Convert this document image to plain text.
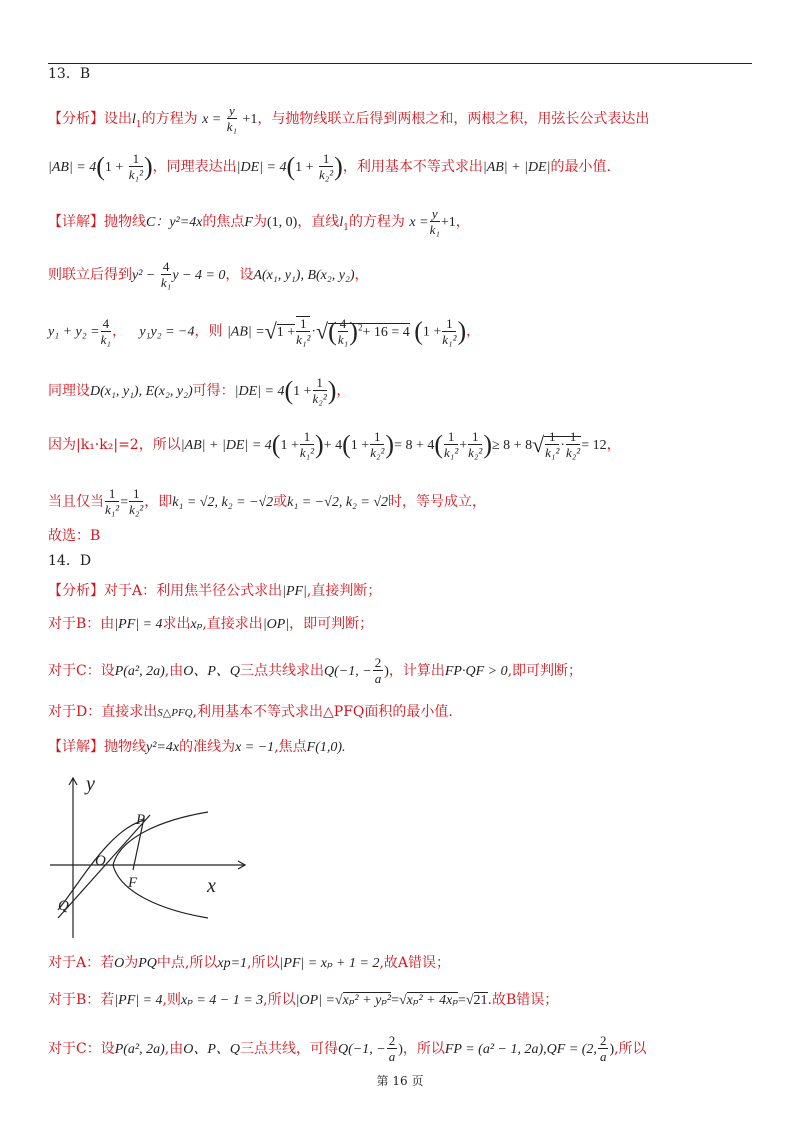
13．B
【分析】设出$l_1$的方程为 $x = \frac{y}{\text{k₁}} +1$，与抛物线联立后得到两根之和，两根之积，用弦长公式表达出
$|AB| = 4(1 + \frac{1}{\text{k₁²}}$ )，同理表达出$|DE| = 4(1 + \frac{1}{\text{k₂²}}$ )，利用基本不等式求出|AB| + |DE|的最小值.
【详解】抛物线C：y²=4x的焦点F为(1, 0)，直线$l_1$的方程为 $x = \frac{y}{\text{k₁}} +1$，
则联立后得到$y^2 - \frac{4}{\text{k₁}}$ y − 4 = 0，设A(x₁, y₁), B(x₂, y₂)，
$y_1 + y_2 = \frac{4}{\text{k₁}}$ ， y₁y₂ = −4，则 $|AB| =√1 + \frac{1}{\text{k₁²}}$ ·√( $\frac{4}{\text{k₁}} )^2+ 16 = 4$ ($1 + \frac{1}{\text{k₁²}}$ )，
同理设D(x₁, y₁), E(x₂, y₂)可得：$|DE| = 4(1 + \frac{1}{\text{k₂²}}$ )，
因为|k₁·k₂|=2，所以$|AB| + |DE| = 4(1 + \frac{1}{\text{k₁²}}$ )+ $4(1 + \frac{1}{\text{k₂²}}$ )= $8 + 4( \frac{1}{\text{k₁²}} + \frac{1}{\text{k₂²}}$ )≥ $8 + 8√ \frac{1}{\text{k₁²}} \cdot \frac{1}{\text{k₂²}} = 12$，
当且仅当 $\frac{1}{\text{k₁²}} = \frac{1}{\text{k₂²}}$ ，即k₁ = √2, k₂ = −√2或k₁ = −√2, k₂ = √2时，等号成立，
故选：B
14．D
【分析】对于A：利用焦半径公式求出|PF|,直接判断；
对于B：由|PF| = 4求出xₚ,直接求出|OP|，即可判断；
对于C：设P(a², 2a),由O、P、Q三点共线求出Q(−1, − $\frac{2}{a}$ )，计算出FP·QF > 0,即可判断；
对于D：直接求出S△PFQ,利用基本不等式求出△PFQ面积的最小值.
【详解】抛物线y²=4x的准线为x = −1,焦点F(1,0).
y
x
P
O
F
Q
对于A：若O为PQ中点,所以xp=1,所以|PF| = xₚ + 1 = 2,故A错误；
对于B：若|PF| = 4,则xₚ = 4 − 1 = 3,所以|OP| =√xₚ² + yₚ²=√xₚ² + 4xₚ=√21.故B错误；
对于C：设P(a², 2a),由O、P、Q三点共线，可得Q(−1, − $\frac{2}{a}$ )，所以FP = (a² − 1, 2a),QF = (2, $\frac{2}{a}$ ),所以
第 16 页
